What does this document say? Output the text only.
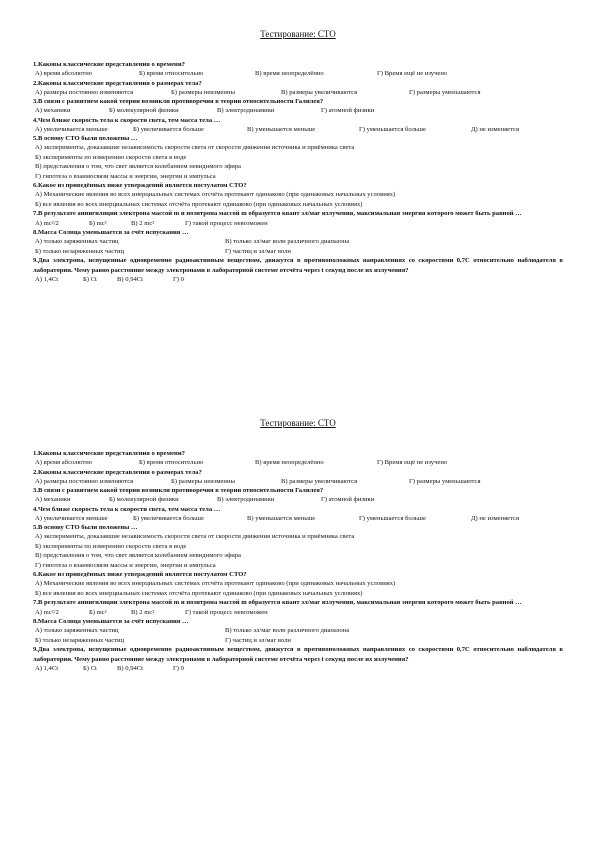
Тестирование: СТО
1.Каковы классические представления о времени?
А) время абсолютно	Б) время относительно	В) время неопределённо	Г) Время ещё не изучено
2.Каковы классические представления о размерах тела?
А) размеры постоянно изменяются	Б) размеры неизменны	В) размеры увеличиваются	Г) размеры уменьшаются
3.В связи с развитием какой теории возникли противоречия в теории относительности Галилея?
А) механики	Б) молекулярной физики	В) электродинамики	Г) атомной физики
4.Чем ближе скорость тела к скорости света, тем масса тела …
А) увеличивается меньше	Б) увеличивается больше	В) уменьшается меньше	Г) уменьшается больше	Д) не изменяется
5.В основу СТО были положены …
А) эксперименты, доказавшие независимость скорости света от скорости движения источника и приёмника света
Б) эксперименты по измерению скорости света в воде
В) представления о том, что свет является колебанием невидимого эфира
Г) гипотеза о взаимосвязи массы и энергии, энергии и импульса
6.Какое из приведённых ниже утверждений является постулатом СТО?
А) Механические явления во всех инерциальных системах отсчёта протекают одинаково (при одинаковых начальных условиях)
Б) все явления во всех инерциальных системах отсчёта протекают одинаково (при одинаковых начальных условиях)
7.В результате аннигиляции электрона массой m и позитрона массой m образуется квант эл/маг излучения, максимальная энергия которого может быть равной …
А) mc²/2	Б) mc²	В) 2 mc²	Г) такой процесс невозможен
8.Масса Солнца уменьшается за счёт испускания …
А) только заряженных частиц	В) только эл/маг волн различного диапазона
Б) только незаряженных частиц	Г) частиц и эл/маг волн
9.Два электрона, испущенные одновременно радиоактивным веществом, движутся в противоположных направлениях со скоростями 0,7С относительно наблюдателя в лаборатории. Чему равно расстояние между электронами в лабораторной системе отсчёта через t секунд после их излучения?
А) 1,4Ct	Б) Ct	В) 0,94Ct	Г) 0
Тестирование: СТО
1.Каковы классические представления о времени?
А) время абсолютно	Б) время относительно	В) время неопределённо	Г) Время ещё не изучено
2.Каковы классические представления о размерах тела?
А) размеры постоянно изменяются	Б) размеры неизменны	В) размеры увеличиваются	Г) размеры уменьшаются
3.В связи с развитием какой теории возникли противоречия в теории относительности Галилея?
А) механики	Б) молекулярной физики	В) электродинамики	Г) атомной физики
4.Чем ближе скорость тела к скорости света, тем масса тела …
А) увеличивается меньше	Б) увеличивается больше	В) уменьшается меньше	Г) уменьшается больше	Д) не изменяется
5.В основу СТО были положены …
А) эксперименты, доказавшие независимость скорости света от скорости движения источника и приёмника света
Б) эксперименты по измерению скорости света в воде
В) представления о том, что свет является колебанием невидимого эфира
Г) гипотеза о взаимосвязи массы и энергии, энергии и импульса
6.Какое из приведённых ниже утверждений является постулатом СТО?
А) Механические явления во всех инерциальных системах отсчёта протекают одинаково (при одинаковых начальных условиях)
Б) все явления во всех инерциальных системах отсчёта протекают одинаково (при одинаковых начальных условиях)
7.В результате аннигиляции электрона массой m и позитрона массой m образуется квант эл/маг излучения, максимальная энергия которого может быть равной …
А) mc²/2	Б) mc²	В) 2 mc²	Г) такой процесс невозможен
8.Масса Солнца уменьшается за счёт испускания …
А) только заряженных частиц	В) только эл/маг волн различного диапазона
Б) только незаряженных частиц	Г) частиц и эл/маг волн
9.Два электрона, испущенные одновременно радиоактивным веществом, движутся в противоположных направлениях со скоростями 0,7С относительно наблюдателя в лаборатории. Чему равно расстояние между электронами в лабораторной системе отсчёта через t секунд после их излучения?
А) 1,4Ct	Б) Ct	В) 0,94Ct	Г) 0
